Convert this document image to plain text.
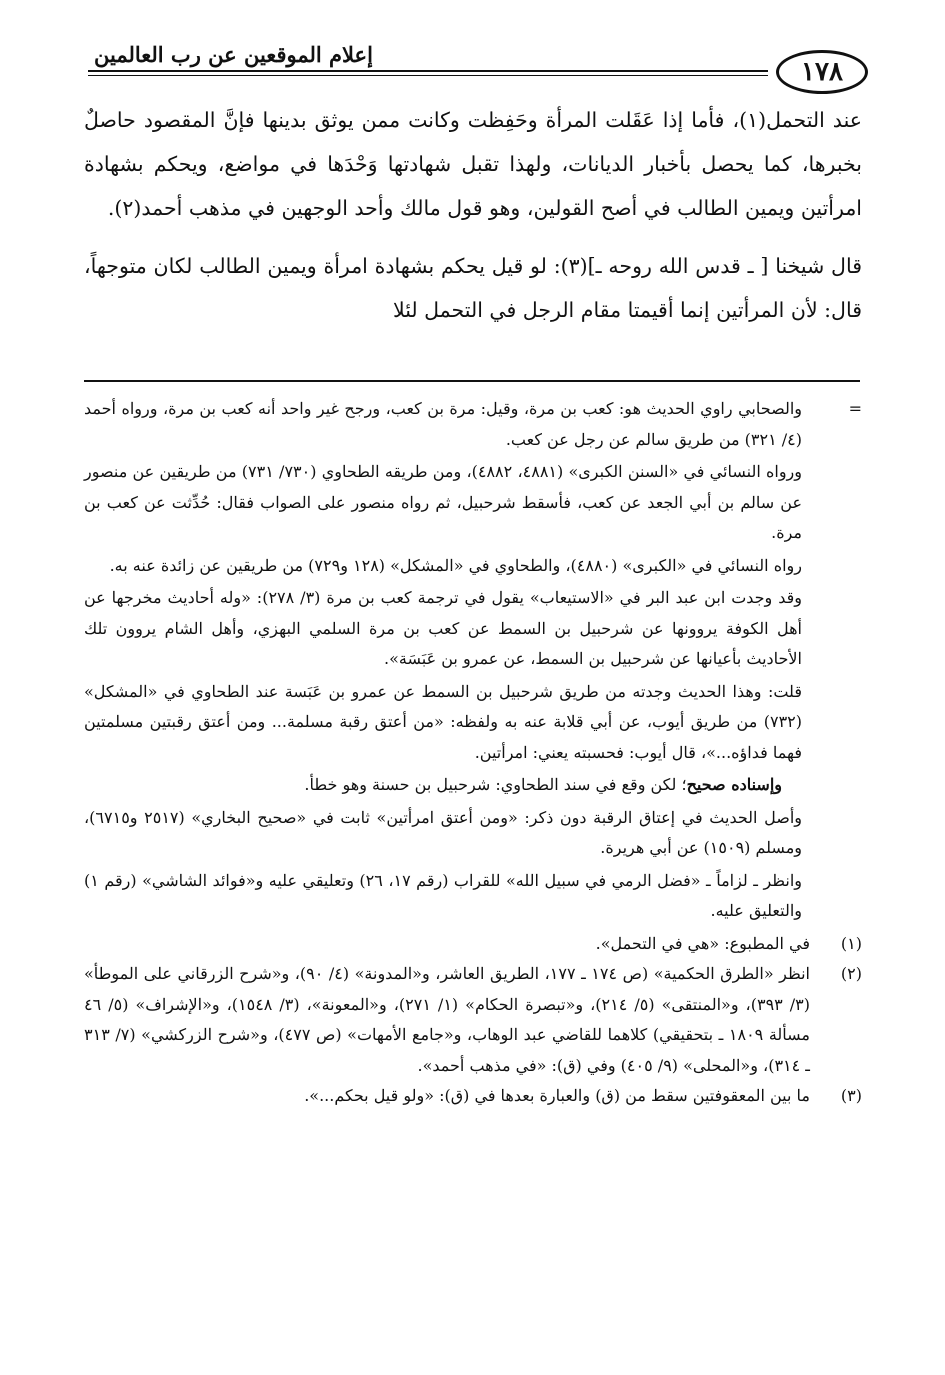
إعلام الموقعين عن رب العالمين
١٧٨

عند التحمل(١)، فأما إذا عَقَلت المرأة وحَفِظت وكانت ممن يوثق بدينها فإنَّ المقصود حاصلٌ بخبرها، كما يحصل بأخبار الديانات، ولهذا تقبل شهادتها وَحْدَها في مواضع، ويحكم بشهادة امرأتين ويمين الطالب في أصح القولين، وهو قول مالك وأحد الوجهين في مذهب أحمد(٢).

قال شيخنا [ ـ قدس الله روحه ـ](٣): لو قيل يحكم بشهادة امرأة ويمين الطالب لكان متوجهاً، قال: لأن المرأتين إنما أقيمتا مقام الرجل في التحمل لئلا

=
والصحابي راوي الحديث هو: كعب بن مرة، وقيل: مرة بن كعب، ورجح غير واحد أنه كعب بن مرة، ورواه أحمد (٤/ ٣٢١) من طريق سالم عن رجل عن كعب.

ورواه النسائي في «السنن الكبرى» (٤٨٨١، ٤٨٨٢)، ومن طريقه الطحاوي (٧٣٠/ ٧٣١) من طريقين عن منصور عن سالم بن أبي الجعد عن كعب، فأسقط شرحبيل، ثم رواه منصور على الصواب فقال: حُدِّثت عن كعب بن مرة.

رواه النسائي في «الكبرى» (٤٨٨٠)، والطحاوي في «المشكل» (١٢٨ و٧٢٩) من طريقين عن زائدة عنه به.

وقد وجدت ابن عبد البر في «الاستيعاب» يقول في ترجمة كعب بن مرة (٣/ ٢٧٨): «وله أحاديث مخرجها عن أهل الكوفة يروونها عن شرحبيل بن السمط عن كعب بن مرة السلمي البهزي، وأهل الشام يروون تلك الأحاديث بأعيانها عن شرحبيل بن السمط، عن عمرو بن عَبَسَة».

قلت: وهذا الحديث وجدته من طريق شرحبيل بن السمط عن عمرو بن عَبَسة عند الطحاوي في «المشكل» (٧٣٢) من طريق أيوب، عن أبي قلابة عنه به ولفظه: «من أعتق رقبة مسلمة... ومن أعتق رقبتين مسلمتين فهما فداؤه...»، قال أيوب: فحسبته يعني: امرأتين.

وإسناده صحيح؛ لكن وقع في سند الطحاوي: شرحبيل بن حسنة وهو خطأ.

وأصل الحديث في إعتاق الرقبة دون ذكر: «ومن أعتق امرأتين» ثابت في «صحيح البخاري» (٢٥١٧ و٦٧١٥)، ومسلم (١٥٠٩) عن أبي هريرة.

وانظر ـ لزاماً ـ «فضل الرمي في سبيل الله» للقراب (رقم ١٧، ٢٦) وتعليقي عليه و«فوائد الشاشي» (رقم ١) والتعليق عليه.

(١)
في المطبوع: «هي في التحمل».
(٢)
انظر «الطرق الحكمية» (ص ١٧٤ ـ ١٧٧، الطريق العاشر، و«المدونة» (٤/ ٩٠)، و«شرح الزرقاني على الموطأ» (٣/ ٣٩٣)، و«المنتقى» (٥/ ٢١٤)، و«تبصرة الحكام» (١/ ٢٧١)، و«المعونة»، (٣/ ١٥٤٨)، و«الإشراف» (٥/ ٤٦ مسألة ١٨٠٩ ـ بتحقيقي) كلاهما للقاضي عبد الوهاب، و«جامع الأمهات» (ص ٤٧٧)، و«شرح الزركشي» (٧/ ٣١٣ ـ ٣١٤)، و«المحلى» (٩/ ٤٠٥) وفي (ق): «في مذهب أحمد».
(٣)
ما بين المعقوفتين سقط من (ق) والعبارة بعدها في (ق): «ولو قيل بحكم...».
